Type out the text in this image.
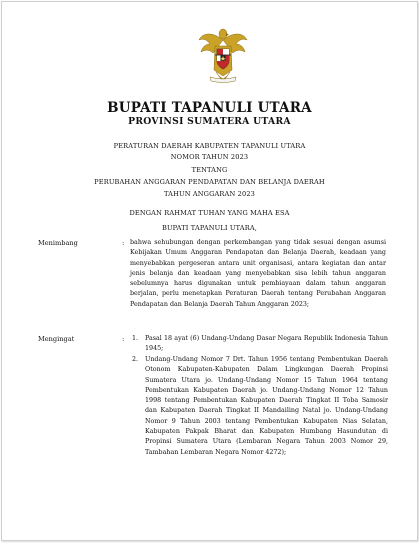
BUPATI TAPANULI UTARA
PROVINSI SUMATERA UTARA
PERATURAN DAERAH KABUPATEN TAPANULI UTARA
NOMOR TAHUN 2023
TENTANG
PERUBAHAN ANGGARAN PENDAPATAN DAN BELANJA DAERAH
TAHUN ANGGARAN 2023
DENGAN RAHMAT TUHAN YANG MAHA ESA
BUPATI TAPANULI UTARA,
Menimbang	: bahwa sehubungan dengan perkembangan yang tidak sesuai dengan asumsi Kebijakan Umum Anggaran Pendapatan dan Belanja Daerah, keadaan yang menyebabkan pergeseran antara unit organisasi, antara kegiatan dan antar jenis belanja dan keadaan yang menyebabkan sisa lebih tahun anggaran sebelumnya harus digunakan untuk pembiayaan dalam tahun anggaran berjalan, perlu menetapkan Peraturan Daerah tentang Perubahan Anggaran Pendapatan dan Belanja Daerah Tahun Anggaran 2023;
Mengingat	: 1. Pasal 18 ayat (6) Undang-Undang Dasar Negara Republik Indonesia Tahun 1945;
2. Undang-Undang Nomor 7 Drt. Tahun 1956 tentang Pembentukan Daerah Otonom Kabupaten-Kabupaten Dalam Lingkungan Daerah Propinsi Sumatera Utara jo. Undang-Undang Nomor 15 Tahun 1964 tentang Pembentukan Kabupaten Daerah jo. Undang-Undang Nomor 12 Tahun 1998 tentang Pembentukan Kabupaten Daerah Tingkat II Toba Samosir dan Kabupaten Daerah Tingkat II Mandailing Natal jo. Undang-Undang Nomor 9 Tahun 2003 tentang Pembentukan Kabupaten Nias Selatan, Kabupaten Pakpak Bharat dan Kabupaten Humbang Hasundutan di Propinsi Sumatera Utara (Lembaran Negara Tahun 2003 Nomor 29, Tambahan Lembaran Negara Nomor 4272);
